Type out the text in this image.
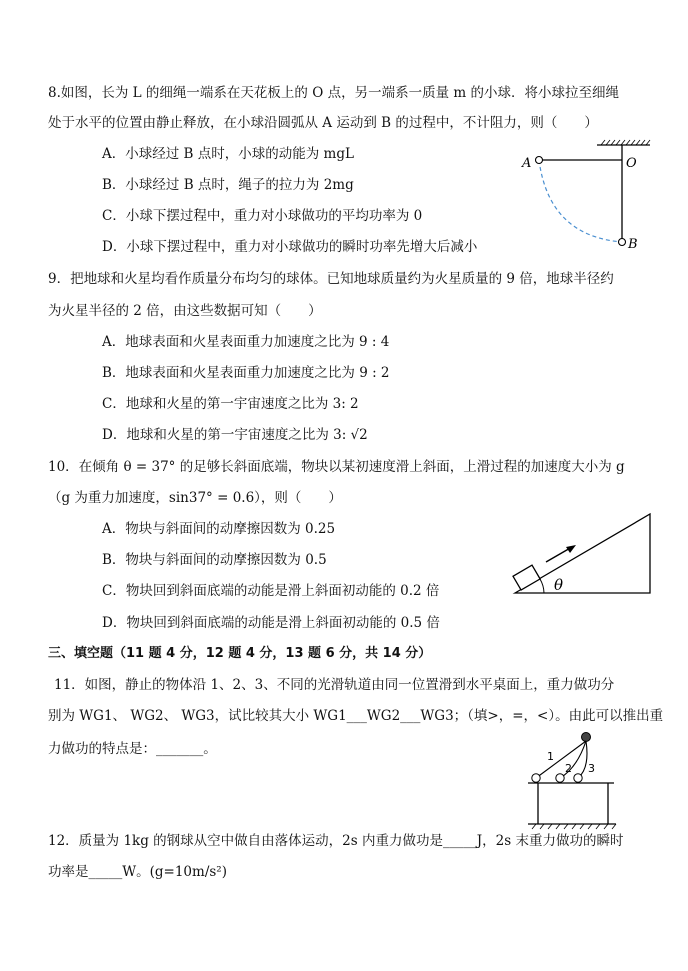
8.如图，长为 L 的细绳一端系在天花板上的 O 点，另一端系一质量 m 的小球．将小球拉至细绳
处于水平的位置由静止释放，在小球沿圆弧从 A 运动到 B 的过程中，不计阻力，则（　　）
A．小球经过 B 点时，小球的动能为 mgL
B．小球经过 B 点时，绳子的拉力为 2mg
C．小球下摆过程中，重力对小球做功的平均功率为 0
D．小球下摆过程中，重力对小球做功的瞬时功率先增大后减小
A	O
B
9．把地球和火星均看作质量分布均匀的球体。已知地球质量约为火星质量的 9 倍，地球半径约
为火星半径的 2 倍，由这些数据可知（　　）
A．地球表面和火星表面重力加速度之比为 9 : 4
B．地球表面和火星表面重力加速度之比为 9 : 2
C．地球和火星的第一宇宙速度之比为 3: 2
D．地球和火星的第一宇宙速度之比为 3: √2
10．在倾角 θ = 37° 的足够长斜面底端，物块以某初速度滑上斜面，上滑过程的加速度大小为 g
（g 为重力加速度，sin37° = 0.6），则（　　）
A．物块与斜面间的动摩擦因数为 0.25
B．物块与斜面间的动摩擦因数为 0.5
C．物块回到斜面底端的动能是滑上斜面初动能的 0.2 倍
D．物块回到斜面底端的动能是滑上斜面初动能的 0.5 倍
θ
三、填空题（11 题 4 分，12 题 4 分，13 题 6 分，共 14 分）
11．如图，静止的物体沿 1、2、3、不同的光滑轨道由同一位置滑到水平桌面上，重力做功分
别为 WG1、 WG2、 WG3，试比较其大小 WG1___WG2___WG3；（填>，=，<）。由此可以推出重
力做功的特点是：_______。	1
2 3
12．质量为 1kg 的钢球从空中做自由落体运动，2s 内重力做功是_____J，2s 末重力做功的瞬时
功率是_____W。(g=10m/s²)
